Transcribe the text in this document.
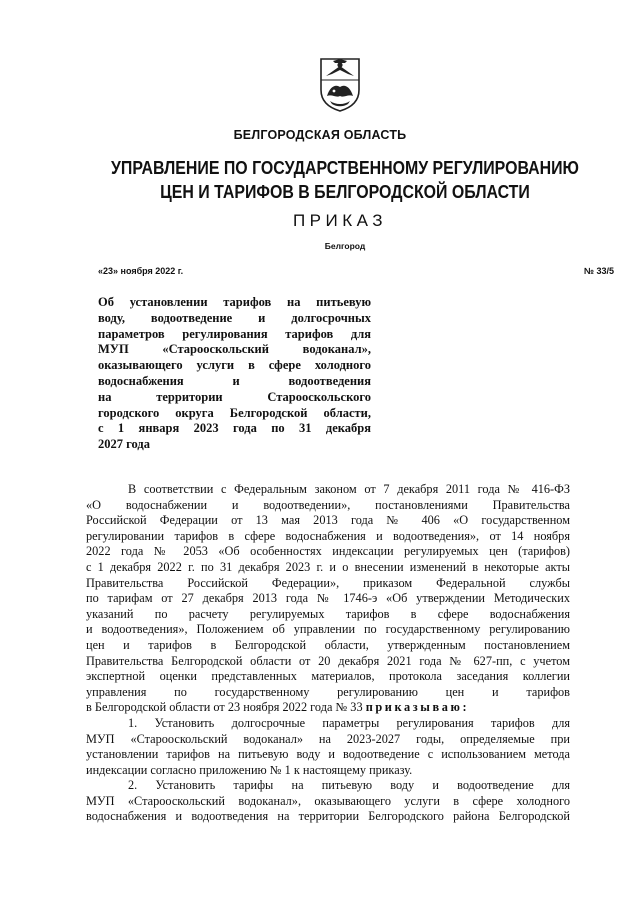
БЕЛГОРОДСКАЯ ОБЛАСТЬ
УПРАВЛЕНИЕ ПО ГОСУДАРСТВЕННОМУ РЕГУЛИРОВАНИЮ
ЦЕН И ТАРИФОВ В БЕЛГОРОДСКОЙ ОБЛАСТИ
ПРИКАЗ
Белгород
«23» ноября 2022 г.	№ 33/5
Об установлении тарифов на питьевую
воду, водоотведение и долгосрочных
параметров регулирования тарифов для
МУП «Старооскольский водоканал»,
оказывающего услуги в сфере холодного
водоснабжения и водоотведения
на территории Старооскольского
городского округа Белгородской области,
с 1 января 2023 года по 31 декабря
2027 года
В соответствии с Федеральным законом от 7 декабря 2011 года № 416-ФЗ
«О водоснабжении и водоотведении», постановлениями Правительства
Российской Федерации от 13 мая 2013 года № 406 «О государственном
регулировании тарифов в сфере водоснабжения и водоотведения», от 14 ноября
2022 года № 2053 «Об особенностях индексации регулируемых цен (тарифов)
с 1 декабря 2022 г. по 31 декабря 2023 г. и о внесении изменений в некоторые акты
Правительства Российской Федерации», приказом Федеральной службы
по тарифам от 27 декабря 2013 года № 1746-э «Об утверждении Методических
указаний по расчету регулируемых тарифов в сфере водоснабжения
и водоотведения», Положением об управлении по государственному регулированию
цен и тарифов в Белгородской области, утвержденным постановлением
Правительства Белгородской области от 20 декабря 2021 года № 627-пп, с учетом
экспертной оценки представленных материалов, протокола заседания коллегии
управления по государственному регулированию цен и тарифов
в Белгородской области от 23 ноября 2022 года № 33 приказываю:
1. Установить долгосрочные параметры регулирования тарифов для
МУП «Старооскольский водоканал» на 2023-2027 годы, определяемые при
установлении тарифов на питьевую воду и водоотведение с использованием метода
индексации согласно приложению № 1 к настоящему приказу.
2. Установить тарифы на питьевую воду и водоотведение для
МУП «Старооскольский водоканал», оказывающего услуги в сфере холодного
водоснабжения и водоотведения на территории Белгородского района Белгородской
